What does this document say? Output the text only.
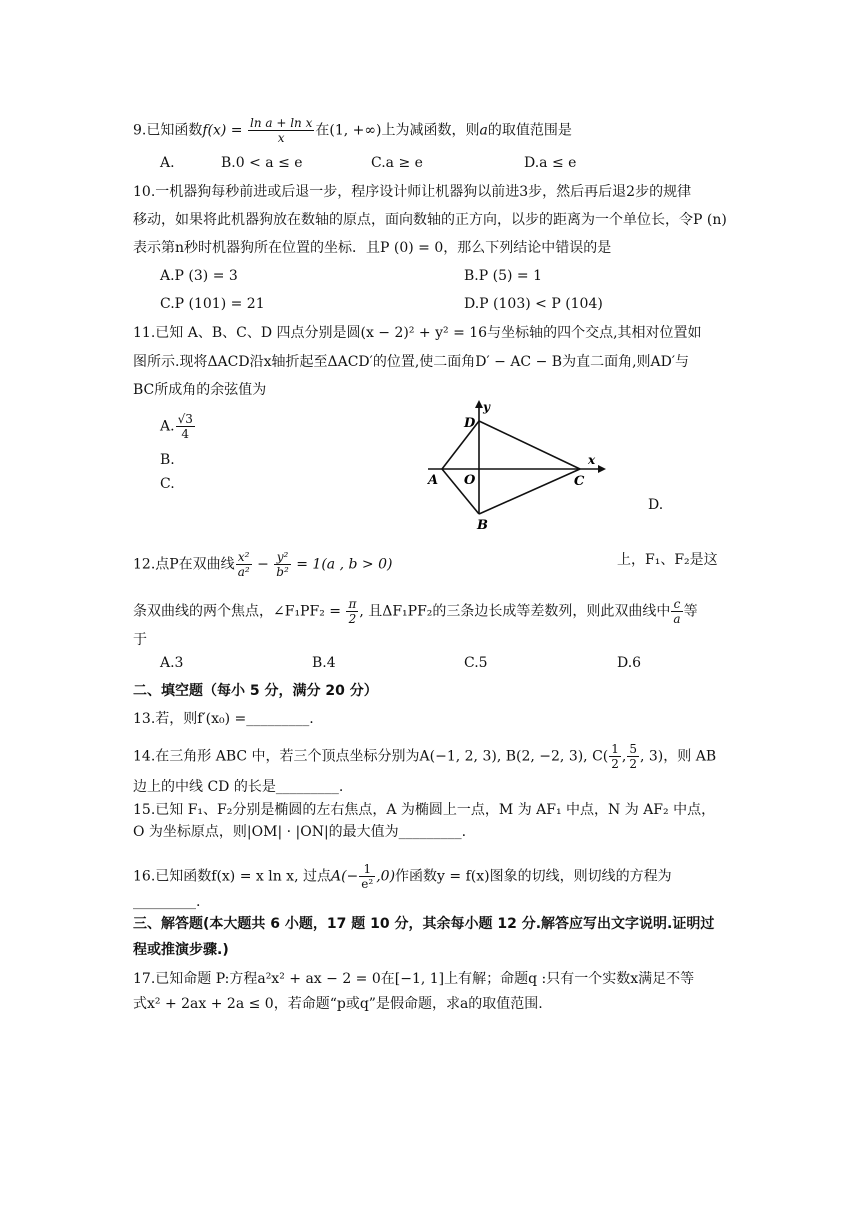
9.已知函数$f(x) = \frac{\text{ln a + ln x}}{x}$ 在(1, +∞)上为减函数，则a的取值范围是
A.	B.0 < a ≤ e	C.a ≥ e	D.a ≤ e
10.一机器狗每秒前进或后退一步，程序设计师让机器狗以前进3步，然后再后退2步的规律
移动，如果将此机器狗放在数轴的原点，面向数轴的正方向，以步的距离为一个单位长，令P (n)
表示第n秒时机器狗所在位置的坐标．且P (0) = 0，那么下列结论中错误的是
A.P (3) = 3	B.P (5) = 1
C.P (101) = 21	D.P (103) < P (104)
11.已知 A、B、C、D 四点分别是圆(x − 2)² + y² = 16与坐标轴的四个交点,其相对位置如
图所示.现将ΔACD沿x轴折起至ΔACD′的位置,使二面角D′ − AC − B为直二面角,则AD′与
BC所成角的余弦值为
A. $\frac{√3}{4}$
B.
C.
D.
D
y
x
A O	C
B
12.点P在双曲线 $\frac{\text{x²}}{\text{a²}} - \frac{\text{y²}}{\text{b²}} = 1(a$ , b > 0)	上，F₁、F₂是这
条双曲线的两个焦点，∠F₁PF₂ = $\frac{\pi}{2}$ , 且ΔF₁PF₂的三条边长成等差数列，则此双曲线中 $\frac{c}{a}$ 等
于
A.3	B.4	C.5	D.6
二、填空题（每小 5 分，满分 20 分）
13.若，则f′(x₀) =_________.
14.在三角形 ABC 中，若三个顶点坐标分别为A(−1, 2, 3), B(2, −2, 3), $C( \frac{1}{2}$ , $\frac{5}{2}$ , 3)，则 AB
边上的中线 CD 的长是_________.
15.已知 F₁、F₂分别是椭圆的左右焦点，A 为椭圆上一点，M 为 AF₁ 中点，N 为 AF₂ 中点，
O 为坐标原点，则|OM| · |ON|的最大值为_________.
16.已知函数f(x) = x ln x, 过点$A(- \frac{1}{\text{e²}} ,0)$作函数y = f(x)图象的切线，则切线的方程为
_________.
三、解答题(本大题共 6 小题，17 题 10 分，其余每小题 12 分.解答应写出文字说明.证明过
程或推演步骤.)
17.已知命题 P:方程a²x² + ax − 2 = 0在[−1, 1]上有解；命题q :只有一个实数x满足不等
式x² + 2ax + 2a ≤ 0，若命题“p或q”是假命题，求a的取值范围.
